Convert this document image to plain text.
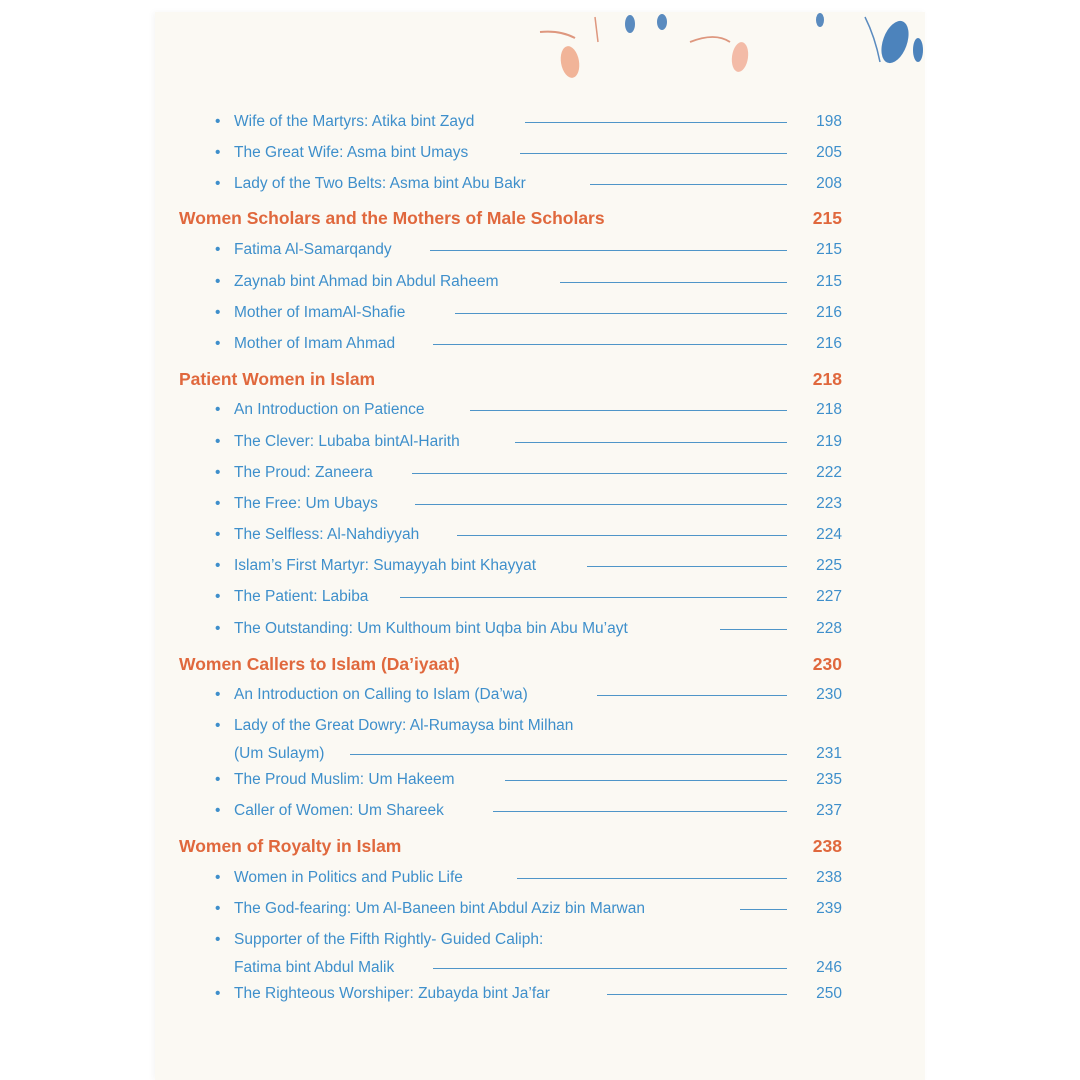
• Wife of the Martyrs: Atika bint Zayd	198
• The Great Wife: Asma bint Umays	205
• Lady of the Two Belts: Asma bint Abu Bakr	208
Women Scholars and the Mothers of Male Scholars	215
• Fatima Al-Samarqandy	215
• Zaynab bint Ahmad bin Abdul Raheem	215
• Mother of ImamAl-Shafie	216
• Mother of Imam Ahmad	216
Patient Women in Islam	218
• An Introduction on Patience	218
• The Clever: Lubaba bintAl-Harith	219
• The Proud: Zaneera	222
• The Free: Um Ubays	223
• The Selfless: Al-Nahdiyyah	224
• Islam’s First Martyr: Sumayyah bint Khayyat	225
• The Patient: Labiba	227
• The Outstanding: Um Kulthoum bint Uqba bin Abu Mu’ayt	228
Women Callers to Islam (Da’iyaat)	230
• An Introduction on Calling to Islam (Da’wa)	230
• Lady of the Great Dowry: Al-Rumaysa bint Milhan
(Um Sulaym)	231
• The Proud Muslim: Um Hakeem	235
• Caller of Women: Um Shareek	237
Women of Royalty in Islam	238
• Women in Politics and Public Life	238
• The God-fearing: Um Al-Baneen bint Abdul Aziz bin Marwan	239
• Supporter of the Fifth Rightly- Guided Caliph:
Fatima bint Abdul Malik	246
• The Righteous Worshiper: Zubayda bint Ja’far	250
